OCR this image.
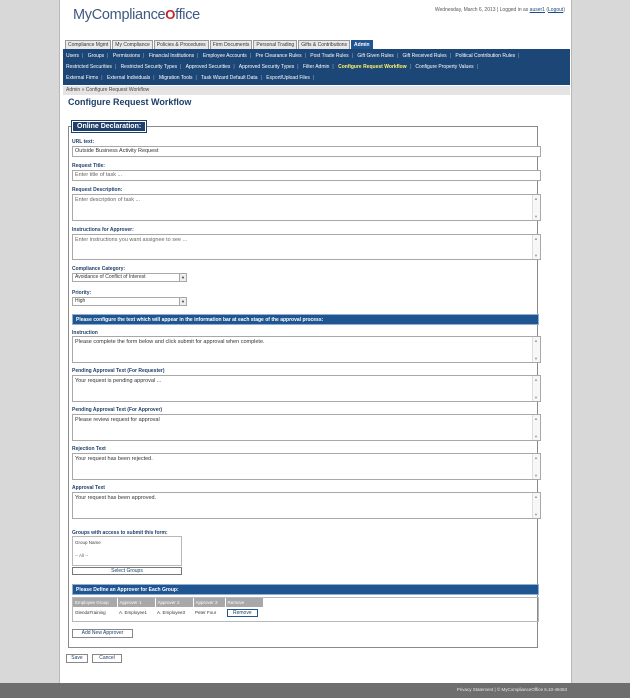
MyComplianceOffice	Wednesday, March 6, 2013 | Logged in as auser1 (Logout)
Compliance Mgmt	My Compliance	Policies & Procedures	Firm Documents	Personal Trading	Gifts & Contributions	Admin
Users | Groups | Permissions | Financial Institutions | Employee Accounts | Pre Clearance Rules | Post Trade Rules | Gift Given Rules | Gift Received Rules | Political Contribution Rules |
Restricted Securities | Restricted Security Types | Approved Securities | Approved Security Types | Filter Admin | Configure Request Workflow | Configure Property Values |
External Firms | External Individuals | Migration Tools | Task Wizard Default Data | Export/Upload Files |
Admin » Configure Request Workflow
Configure Request Workflow
Online Declaration:
URL text:
Outside Business Activity Request
Request Title:
Enter title of task ...
Request Description:
Enter description of task ...	▲
▼
Instructions for Approver:
Enter instructions you want assignee to see ...	▲
▼
Compliance Category:
Avoidance of Conflict of Interest	▼
Priority:
High	▼
Please configure the text which will appear in the information bar at each stage of the approval process:
Instruction
Please complete the form below and click submit for approval when complete.	▲
▼
Pending Approval Text (For Requester)
Your request is pending approval ...	▲
▼
Pending Approval Text (For Approver)
Please review request for approval	▲
▼
Rejection Text
Your request has been rejected.	▲
▼
Approval Text
Your request has been approved.	▲
▼
Groups with access to submit this form:
Group Name
-- All --
Select Groups
Please Define an Approver for Each Group:
Employee Group	Approver 1	Approver 2	Approver 3	Remove
GlendaTraining	A. Employee1	A. Employee3	Peter Four	Remove
Add New Approver
Save	Cancel
Privacy Statement | © MyComplianceOffice 6.10-49453
